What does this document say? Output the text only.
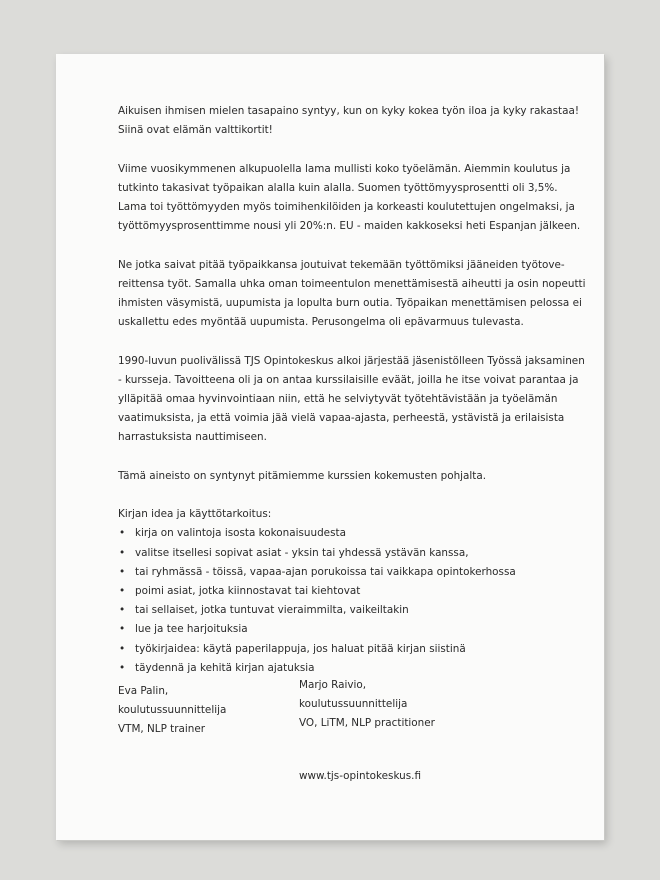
Aikuisen ihmisen mielen tasapaino syntyy, kun on kyky kokea työn iloa ja kyky rakastaa! Siinä ovat elämän valttikortit!

Viime vuosikymmenen alkupuolella lama mullisti koko työelämän. Aiemmin koulutus ja tutkinto takasivat työpaikan alalla kuin alalla. Suomen työttömyysprosentti oli 3,5%. Lama toi työttömyyden myös toimihenkilöiden ja korkeasti koulutettujen ongelmaksi, ja työttömyysprosenttimme nousi yli 20%:n. EU - maiden kakkoseksi heti Espanjan jälkeen.

Ne jotka saivat pitää työpaikkansa joutuivat tekemään työttömiksi jääneiden työtove-reittensa työt. Samalla uhka oman toimeentulon menettämisestä aiheutti ja osin nopeutti ihmisten väsymistä, uupumista ja lopulta burn outia. Työpaikan menettämisen pelossa ei uskallettu edes myöntää uupumista. Perusongelma oli epävarmuus tulevasta.

1990-luvun puolivälissä TJS Opintokeskus alkoi järjestää jäsenistölleen Työssä jaksaminen - kursseja. Tavoitteena oli ja on antaa kurssilaisille eväät, joilla he itse voivat parantaa ja ylläpitää omaa hyvinvointiaan niin, että he selviytyvät työtehtävistään ja työelämän vaatimuksista, ja että voimia jää vielä vapaa-ajasta, perheestä, ystävistä ja erilaisista harrastuksista nauttimiseen.

Tämä aineisto on syntynyt pitämiemme kurssien kokemusten pohjalta.

Kirjan idea ja käyttötarkoitus:
• kirja on valintoja isosta kokonaisuudesta
• valitse itsellesi sopivat asiat - yksin tai yhdessä ystävän kanssa,
• tai ryhmässä - töissä, vapaa-ajan porukoissa tai vaikkapa opintokerhossa
• poimi asiat, jotka kiinnostavat tai kiehtovat
• tai sellaiset, jotka tuntuvat vieraimmilta, vaikeiltakin
• lue ja tee harjoituksia
• työkirjaidea: käytä paperilappuja, jos haluat pitää kirjan siistinä
• täydennä ja kehitä kirjan ajatuksia
Eva Palin,
koulutussuunnittelija
VTM, NLP trainer
Marjo Raivio,
koulutussuunnittelija
VO, LiTM, NLP practitioner
www.tjs-opintokeskus.fi
